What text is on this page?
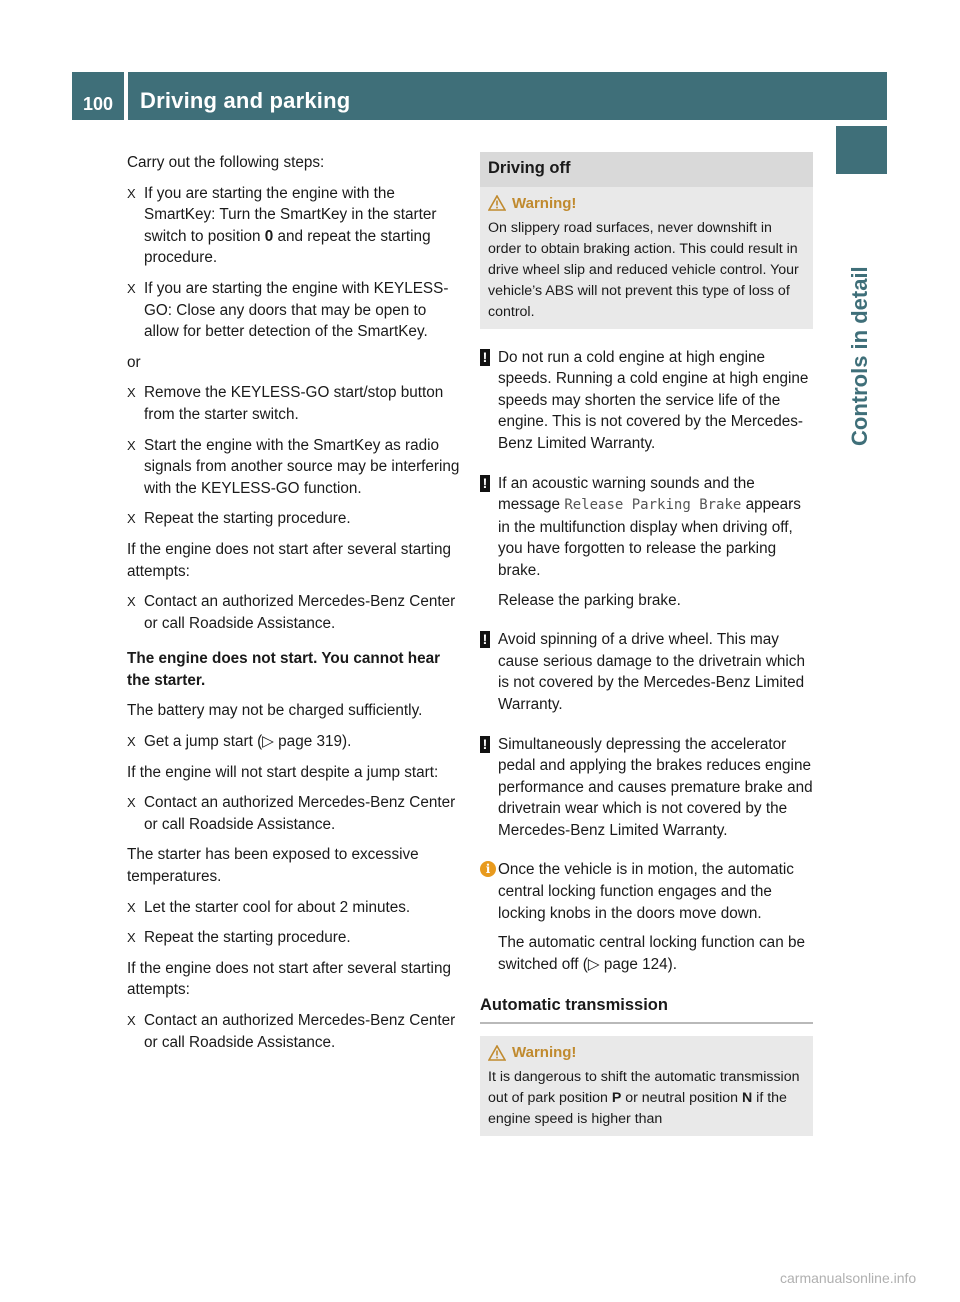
100	Driving and parking
Controls in detail

Carry out the following steps:

X If you are starting the engine with the SmartKey: Turn the SmartKey in the starter switch to position 0 and repeat the starting procedure.
X If you are starting the engine with KEYLESS-GO: Close any doors that may be open to allow for better detection of the SmartKey.

or

X Remove the KEYLESS-GO start/stop button from the starter switch.
X Start the engine with the SmartKey as radio signals from another source may be interfering with the KEYLESS-GO function.
X Repeat the starting procedure.

If the engine does not start after several starting attempts:

X Contact an authorized Mercedes-Benz Center or call Roadside Assistance.

The engine does not start. You cannot hear the starter.

The battery may not be charged sufficiently.

X Get a jump start (▷ page 319).

If the engine will not start despite a jump start:

X Contact an authorized Mercedes-Benz Center or call Roadside Assistance.

The starter has been exposed to excessive temperatures.

X Let the starter cool for about 2 minutes.
X Repeat the starting procedure.

If the engine does not start after several starting attempts:

X Contact an authorized Mercedes-Benz Center or call Roadside Assistance.
Driving off
Warning!
On slippery road surfaces, never downshift in order to obtain braking action. This could result in drive wheel slip and reduced vehicle control. Your vehicle’s ABS will not prevent this type of loss of control.
! Do not run a cold engine at high engine speeds. Running a cold engine at high engine speeds may shorten the service life of the engine. This is not covered by the Mercedes-Benz Limited Warranty.
! If an acoustic warning sounds and the message Release Parking Brake appears in the multifunction display when driving off, you have forgotten to release the parking brake.
Release the parking brake.
! Avoid spinning of a drive wheel. This may cause serious damage to the drivetrain which is not covered by the Mercedes-Benz Limited Warranty.
! Simultaneously depressing the accelerator pedal and applying the brakes reduces engine performance and causes premature brake and drivetrain wear which is not covered by the Mercedes-Benz Limited Warranty.
i Once the vehicle is in motion, the automatic central locking function engages and the locking knobs in the doors move down.
The automatic central locking function can be switched off (▷ page 124).
Automatic transmission
Warning!
It is dangerous to shift the automatic transmission out of park position P or neutral position N if the engine speed is higher than
carmanualsonline.info
